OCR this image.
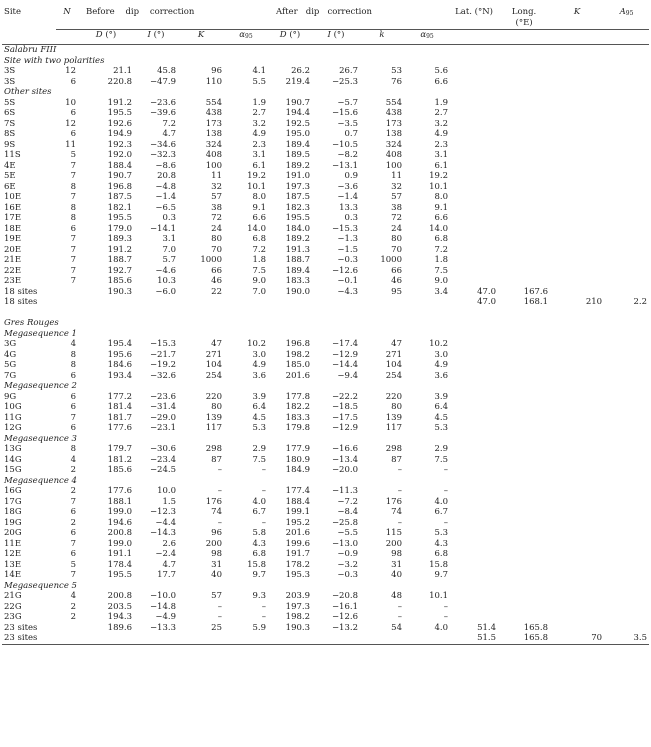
Site	N	Before    dip    correction				After   dip   correction				Lat. (°N)	Long.
(°E)	K	$A_{95}$
		D (°)	I (°)	K	$\alpha_{95}$	D (°)	I (°)	k	$\alpha_{95}$				
Salabru FIII													
Site with two polarities													
3S	12	21.1	45.8	96	4.1	26.2	26.7	53	5.6				
3S	6	220.8	−47.9	110	5.5	219.4	−25.3	76	6.6				
Other sites													
5S	10	191.2	−23.6	554	1.9	190.7	−5.7	554	1.9				
6S	6	195.5	−39.6	438	2.7	194.4	−15.6	438	2.7				
7S	12	192.6	7.2	173	3.2	192.5	−3.5	173	3.2				
8S	6	194.9	4.7	138	4.9	195.0	0.7	138	4.9				
9S	11	192.3	−34.6	324	2.3	189.4	−10.5	324	2.3				
11S	5	192.0	−32.3	408	3.1	189.5	−8.2	408	3.1				
4E	7	188.4	−8.6	100	6.1	189.2	−13.1	100	6.1				
5E	7	190.7	20.8	11	19.2	191.0	0.9	11	19.2				
6E	8	196.8	−4.8	32	10.1	197.3	−3.6	32	10.1				
10E	7	187.5	−1.4	57	8.0	187.5	−1.4	57	8.0				
16E	8	182.1	−6.5	38	9.1	182.3	13.3	38	9.1				
17E	8	195.5	0.3	72	6.6	195.5	0.3	72	6.6				
18E	6	179.0	−14.1	24	14.0	184.0	−15.3	24	14.0				
19E	7	189.3	3.1	80	6.8	189.2	−1.3	80	6.8				
20E	7	191.2	7.0	70	7.2	191.3	−1.5	70	7.2				
21E	7	188.7	5.7	1000	1.8	188.7	−0.3	1000	1.8				
22E	7	192.7	−4.6	66	7.5	189.4	−12.6	66	7.5				
23E	7	185.6	10.3	46	9.0	183.3	−0.1	46	9.0				
18 sites		190.3	−6.0	22	7.0	190.0	−4.3	95	3.4	47.0	167.6		
18 sites										47.0	168.1	210	2.2
Gres Rouges													
Megasequence 1													
3G	4	195.4	−15.3	47	10.2	196.8	−17.4	47	10.2				
4G	8	195.6	−21.7	271	3.0	198.2	−12.9	271	3.0				
5G	8	184.6	−19.2	104	4.9	185.0	−14.4	104	4.9				
7G	6	193.4	−32.6	254	3.6	201.6	−9.4	254	3.6				
Megasequence 2													
9G	6	177.2	−23.6	220	3.9	177.8	−22.2	220	3.9				
10G	6	181.4	−31.4	80	6.4	182.2	−18.5	80	6.4				
11G	7	181.7	−29.0	139	4.5	183.3	−17.5	139	4.5				
12G	6	177.6	−23.1	117	5.3	179.8	−12.9	117	5.3				
Megasequence 3													
13G	8	179.7	−30.6	298	2.9	177.9	−16.6	298	2.9				
14G	4	181.2	−23.4	87	7.5	180.9	−13.4	87	7.5				
15G	2	185.6	−24.5	–	–	184.9	−20.0	–	–				
Megasequence 4													
16G	2	177.6	10.0	–	–	177.4	−11.3	–	–				
17G	7	188.1	1.5	176	4.0	188.4	−7.2	176	4.0				
18G	6	199.0	−12.3	74	6.7	199.1	−8.4	74	6.7				
19G	2	194.6	−4.4	–	–	195.2	−25.8	–	–				
20G	6	200.8	−14.3	96	5.8	201.6	−5.5	115	5.3				
11E	7	199.0	2.6	200	4.3	199.6	−13.0	200	4.3				
12E	6	191.1	−2.4	98	6.8	191.7	−0.9	98	6.8				
13E	5	178.4	4.7	31	15.8	178.2	−3.2	31	15.8				
14E	7	195.5	17.7	40	9.7	195.3	−0.3	40	9.7				
Megasequence 5													
21G	4	200.8	−10.0	57	9.3	203.9	−20.8	48	10.1				
22G	2	203.5	−14.8	–	–	197.3	−16.1	–	–				
23G	2	194.3	−4.9	–	–	198.2	−12.6	–	–				
23 sites		189.6	−13.3	25	5.9	190.3	−13.2	54	4.0	51.4	165.8		
23 sites										51.5	165.8	70	3.5
